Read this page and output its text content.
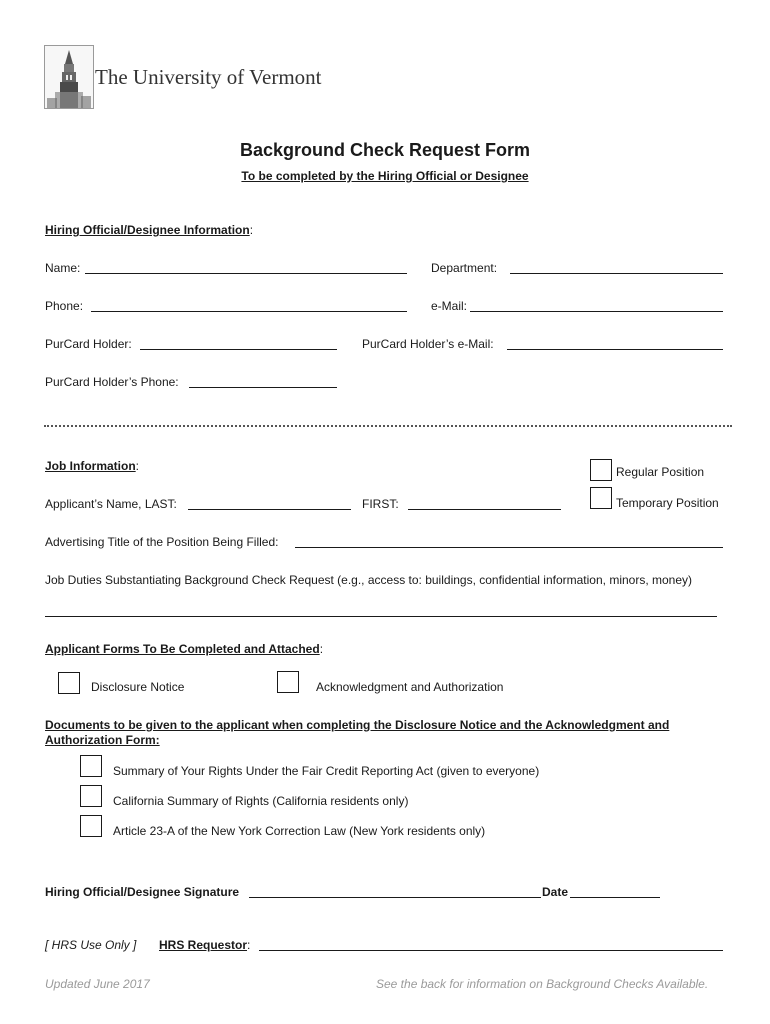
The University of Vermont
Background Check Request Form
To be completed by the Hiring Official or Designee
Hiring Official/Designee Information:
Name:	Department:
Phone:	e-Mail:
PurCard Holder:	PurCard Holder’s e-Mail:
PurCard Holder’s Phone:
Job Information:	Regular Position
Temporary Position
Applicant’s Name, LAST:	FIRST:
Advertising Title of the Position Being Filled:
Job Duties Substantiating Background Check Request (e.g., access to: buildings, confidential information, minors, money)
Applicant Forms To Be Completed and Attached:
Disclosure Notice	Acknowledgment and Authorization
Documents to be given to the applicant when completing the Disclosure Notice and the Acknowledgment and
Authorization Form:
Summary of Your Rights Under the Fair Credit Reporting Act (given to everyone)
California Summary of Rights (California residents only)
Article 23-A of the New York Correction Law (New York residents only)
Hiring Official/Designee Signature	Date
[ HRS Use Only ] HRS Requestor:
Updated June 2017	See the back for information on Background Checks Available.
